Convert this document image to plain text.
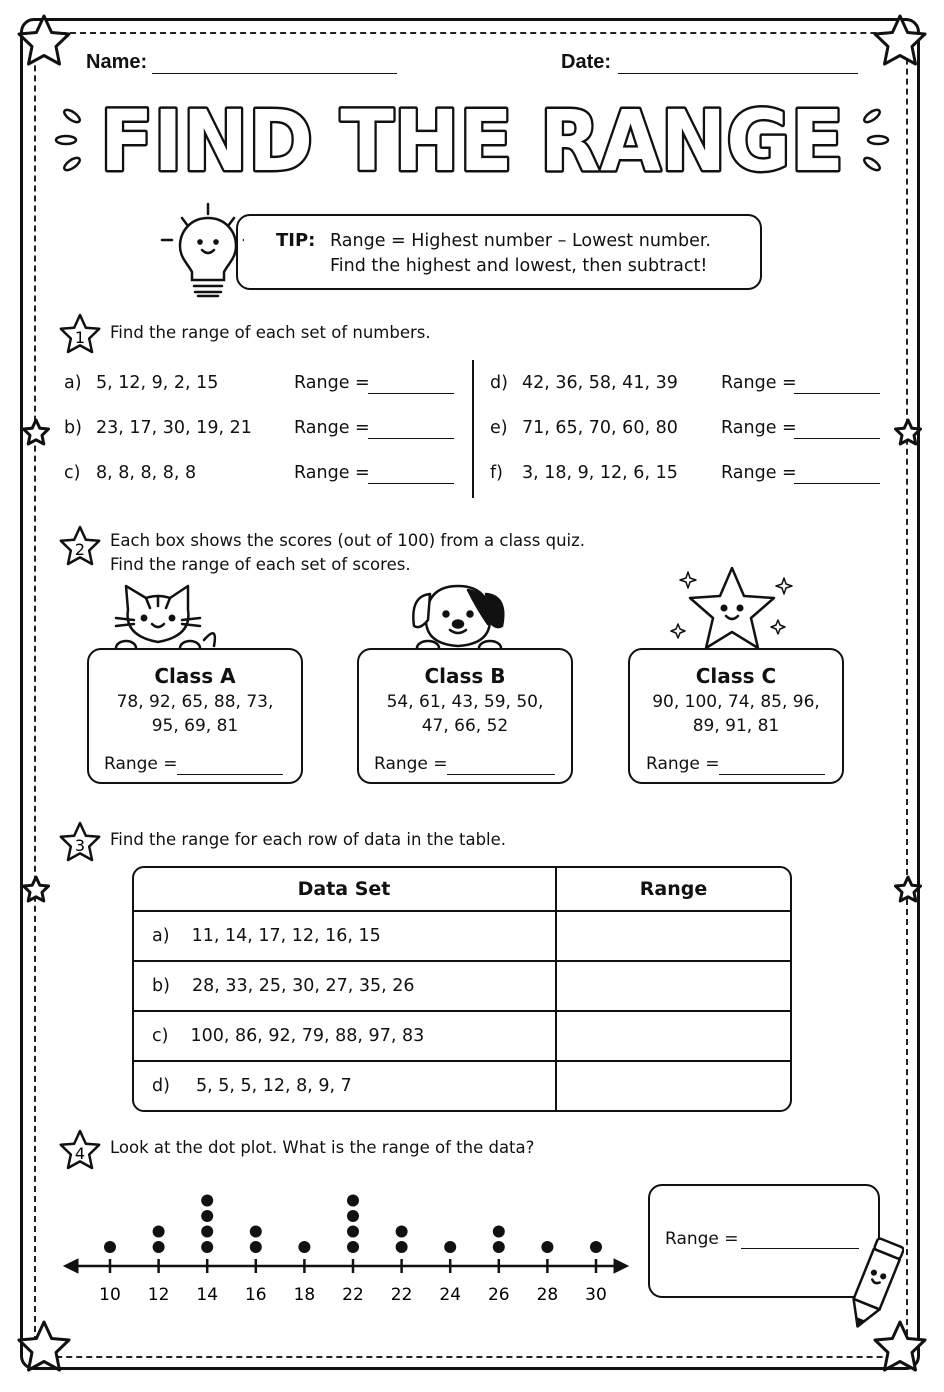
Name:	Date:
FIND THE RANGE
TIP: Range = Highest number – Lowest number.
Find the highest and lowest, then subtract!
1
2
3
4
Find the range of each set of numbers.
a) 5, 12, 9, 2, 15	Range =
b) 23, 17, 30, 19, 21 Range =
c) 8, 8, 8, 8, 8	Range =
d) 42, 36, 58, 41, 39 Range =
e) 71, 65, 70, 60, 80 Range =
f) 3, 18, 9, 12, 6, 15 Range =
Each box shows the scores (out of 100) from a class quiz.
Find the range of each set of scores.
Class A
78, 92, 65, 88, 73,
95, 69, 81
Range =
Class B
54, 61, 43, 59, 50,
47, 66, 52
Range =
Class C
90, 100, 74, 85, 96,
89, 91, 81
Range =
Find the range for each row of data in the table.
Data Set	Range
a) 11, 14, 17, 12, 16, 15	
b) 28, 33, 25, 30, 27, 35, 26	
c) 100, 86, 92, 79, 88, 97, 83	
d) 5, 5, 5, 12, 8, 9, 7	
Look at the dot plot. What is the range of the data?
10 12 14 16 18 22 22 24 26 28 30
Range =
